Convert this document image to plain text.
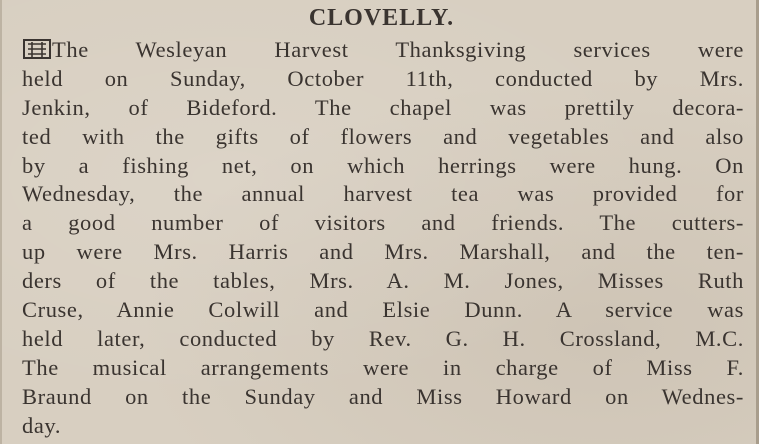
CLOVELLY.
The Wesleyan Harvest Thanksgiving services were
held on Sunday, October 11th, conducted by Mrs.
Jenkin, of Bideford. The chapel was prettily decora-
ted with the gifts of flowers and vegetables and also
by a fishing net, on which herrings were hung. On
Wednesday, the annual harvest tea was provided for
a good number of visitors and friends. The cutters-
up were Mrs. Harris and Mrs. Marshall, and the ten-
ders of the tables, Mrs. A. M. Jones, Misses Ruth
Cruse, Annie Colwill and Elsie Dunn. A service was
held later, conducted by Rev. G. H. Crossland, M.C.
The musical arrangements were in charge of Miss F.
Braund on the Sunday and Miss Howard on Wednes-
day.
